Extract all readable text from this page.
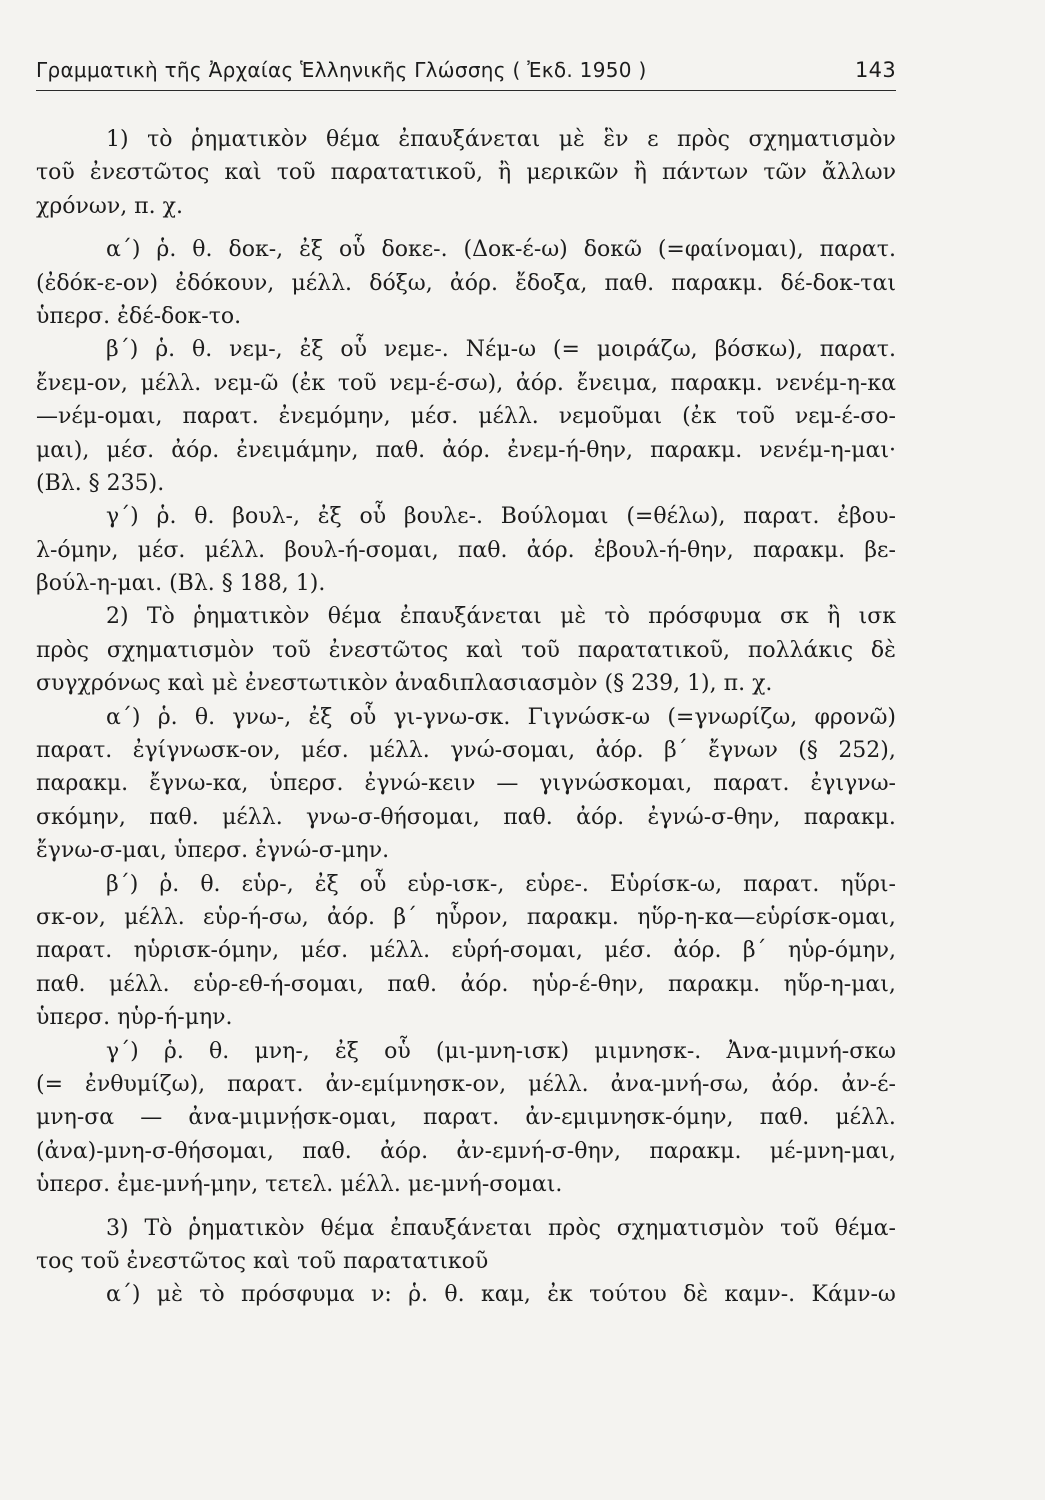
Γραμματικὴ τῆς Ἀρχαίας Ἑλληνικῆς Γλώσσης ( Ἐκδ. 1950 )	143
1) τὸ ῥηματικὸν θέμα ἐπαυξάνεται μὲ ἓν ε πρὸς σχηματισμὸν
τοῦ ἐνεστῶτος καὶ τοῦ παρατατικοῦ, ἢ μερικῶν ἢ πάντων τῶν ἄλλων
χρόνων, π. χ.
α΄) ῥ. θ. δοκ-, ἐξ οὗ δοκε-. (Δοκ-έ-ω) δοκῶ (=φαίνομαι), παρατ.
(ἐδόκ-ε-ον) ἐδόκουν, μέλλ. δόξω, ἀόρ. ἔδοξα, παθ. παρακμ. δέ-δοκ-ται
ὑπερσ. ἐδέ-δοκ-το.
β΄) ῥ. θ. νεμ-, ἐξ οὗ νεμε-. Νέμ-ω (= μοιράζω, βόσκω), παρατ.
ἔνεμ-ον, μέλλ. νεμ-ῶ (ἐκ τοῦ νεμ-έ-σω), ἀόρ. ἔνειμα, παρακμ. νενέμ-η-κα
—νέμ-ομαι, παρατ. ἐνεμόμην, μέσ. μέλλ. νεμοῦμαι (ἐκ τοῦ νεμ-έ-σο-
μαι), μέσ. ἀόρ. ἐνειμάμην, παθ. ἀόρ. ἐνεμ-ή-θην, παρακμ. νενέμ-η-μαι·
(Βλ. § 235).
γ΄) ῥ. θ. βουλ-, ἐξ οὗ βουλε-. Βούλομαι (=θέλω), παρατ. ἐβου-
λ-όμην, μέσ. μέλλ. βουλ-ή-σομαι, παθ. ἀόρ. ἐβουλ-ή-θην, παρακμ. βε-
βούλ-η-μαι. (Βλ. § 188, 1).
2) Τὸ ῥηματικὸν θέμα ἐπαυξάνεται μὲ τὸ πρόσφυμα σκ ἢ ισκ
πρὸς σχηματισμὸν τοῦ ἐνεστῶτος καὶ τοῦ παρατατικοῦ, πολλάκις δὲ
συγχρόνως καὶ μὲ ἐνεστωτικὸν ἀναδιπλασιασμὸν (§ 239, 1), π. χ.
α΄) ῥ. θ. γνω-, ἐξ οὗ γι-γνω-σκ. Γιγνώσκ-ω (=γνωρίζω, φρονῶ)
παρατ. ἐγίγνωσκ-ον, μέσ. μέλλ. γνώ-σομαι, ἀόρ. β΄ ἔγνων (§ 252),
παρακμ. ἔγνω-κα, ὑπερσ. ἐγνώ-κειν — γιγνώσκομαι, παρατ. ἐγιγνω-
σκόμην, παθ. μέλλ. γνω-σ-θήσομαι, παθ. ἀόρ. ἐγνώ-σ-θην, παρακμ.
ἔγνω-σ-μαι, ὑπερσ. ἐγνώ-σ-μην.
β΄) ῥ. θ. εὑρ-, ἐξ οὗ εὑρ-ισκ-, εὑρε-. Εὑρίσκ-ω, παρατ. ηὕρι-
σκ-ον, μέλλ. εὑρ-ή-σω, ἀόρ. β΄ ηὗρον, παρακμ. ηὕρ-η-κα—εὑρίσκ-ομαι,
παρατ. ηὑρισκ-όμην, μέσ. μέλλ. εὑρή-σομαι, μέσ. ἀόρ. β΄ ηὑρ-όμην,
παθ. μέλλ. εὑρ-εθ-ή-σομαι, παθ. ἀόρ. ηὑρ-έ-θην, παρακμ. ηὕρ-η-μαι,
ὑπερσ. ηὑρ-ή-μην.
γ΄) ῥ. θ. μνη-, ἐξ οὗ (μι-μνη-ισκ) μιμνησκ-. Ἀνα-μιμνή-σκω
(= ἐνθυμίζω), παρατ. ἀν-εμίμνησκ-ον, μέλλ. ἀνα-μνή-σω, ἀόρ. ἀν-έ-
μνη-σα — ἀνα-μιμνῄσκ-ομαι, παρατ. ἀν-εμιμνησκ-όμην, παθ. μέλλ.
(ἀνα)-μνη-σ-θήσομαι, παθ. ἀόρ. ἀν-εμνή-σ-θην, παρακμ. μέ-μνη-μαι,
ὑπερσ. ἐμε-μνή-μην, τετελ. μέλλ. με-μνή-σομαι.
3) Τὸ ῥηματικὸν θέμα ἐπαυξάνεται πρὸς σχηματισμὸν τοῦ θέμα-
τος τοῦ ἐνεστῶτος καὶ τοῦ παρατατικοῦ
α΄) μὲ τὸ πρόσφυμα ν: ῥ. θ. καμ, ἐκ τούτου δὲ καμν-. Κάμν-ω
